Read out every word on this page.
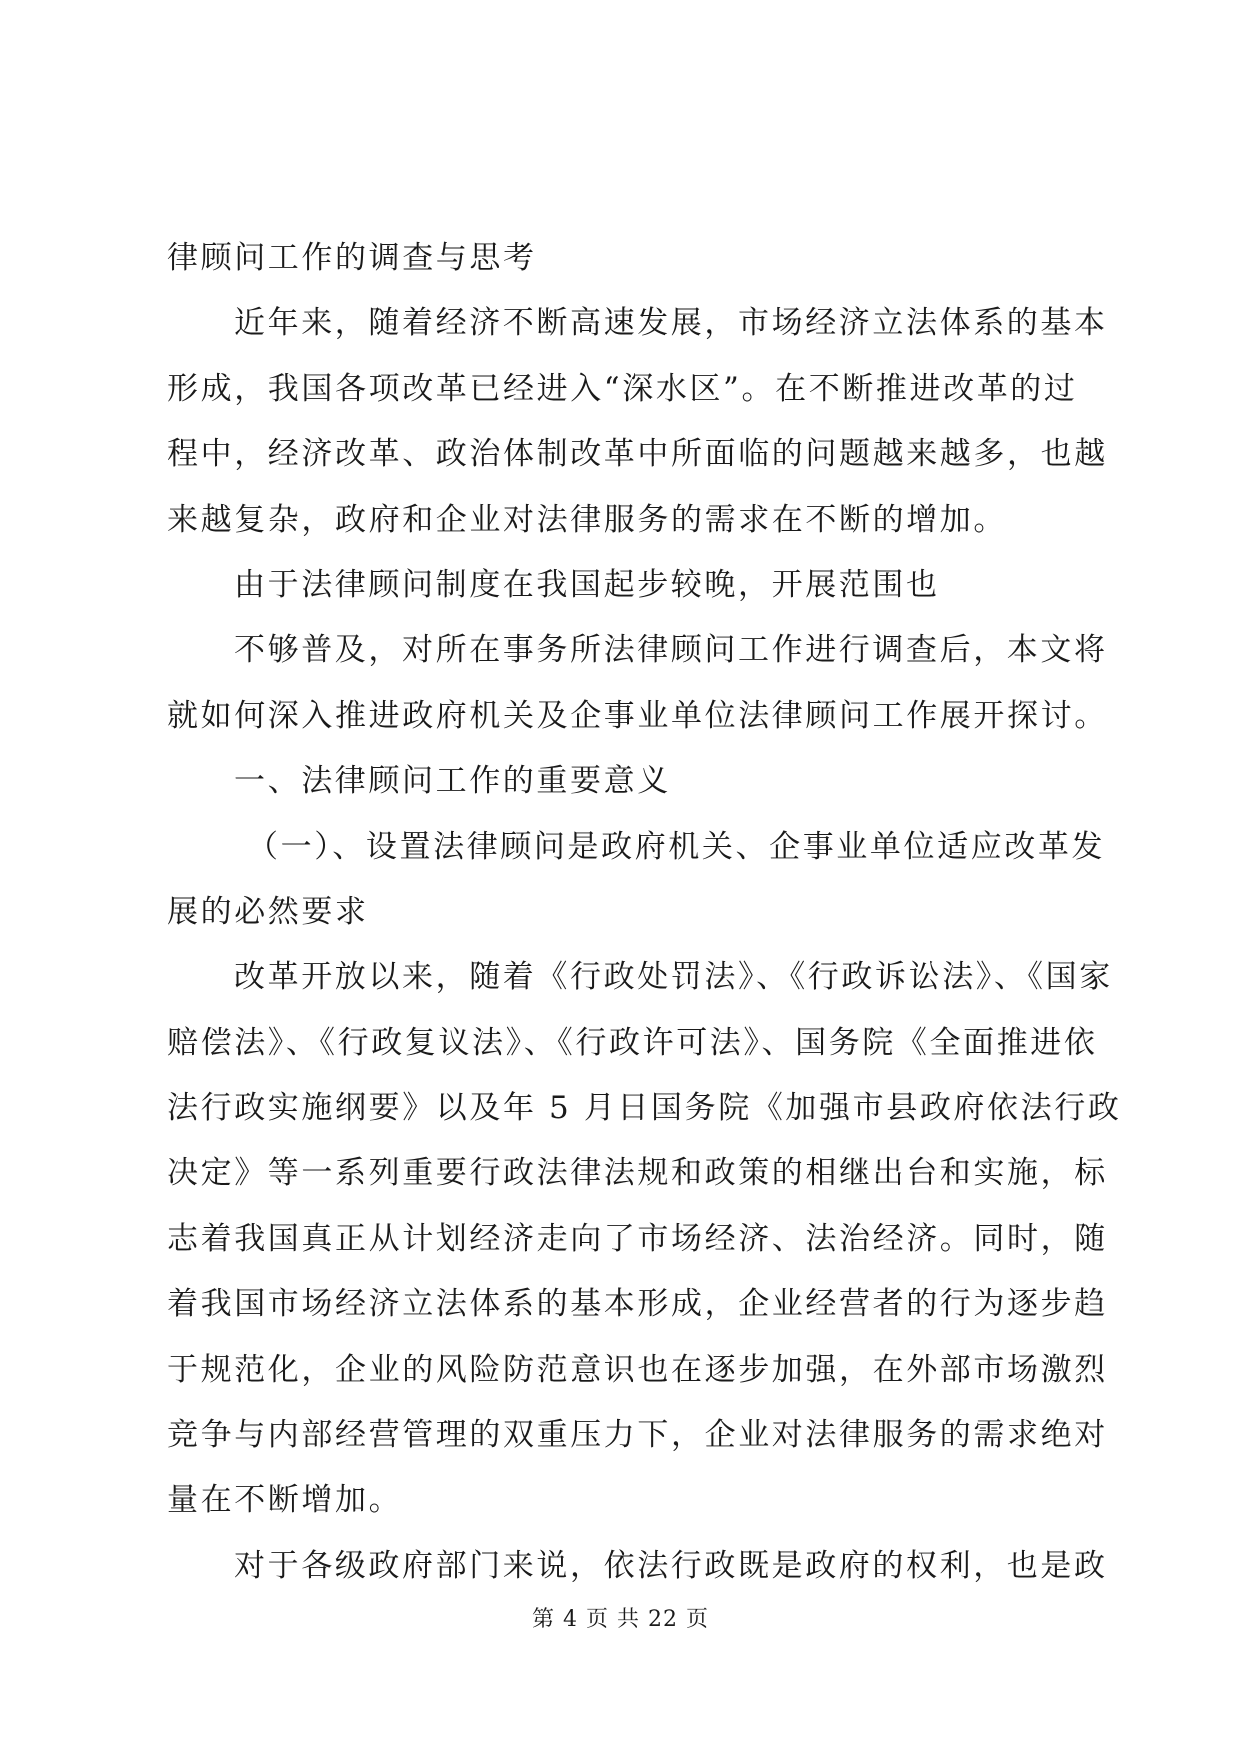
律顾问工作的调查与思考
近年来，随着经济不断高速发展，市场经济立法体系的基本
形成，我国各项改革已经进入“深水区”。在不断推进改革的过
程中，经济改革、政治体制改革中所面临的问题越来越多，也越
来越复杂，政府和企业对法律服务的需求在不断的增加。
由于法律顾问制度在我国起步较晚，开展范围也
不够普及，对所在事务所法律顾问工作进行调查后，本文将
就如何深入推进政府机关及企事业单位法律顾问工作展开探讨。
一、法律顾问工作的重要意义
（一）、设置法律顾问是政府机关、企事业单位适应改革发
展的必然要求
改革开放以来，随着《行政处罚法》、《行政诉讼法》、《国家
赔偿法》、《行政复议法》、《行政许可法》、国务院《全面推进依
法行政实施纲要》以及年 5 月日国务院《加强市县政府依法行政
决定》等一系列重要行政法律法规和政策的相继出台和实施，标
志着我国真正从计划经济走向了市场经济、法治经济。同时，随
着我国市场经济立法体系的基本形成，企业经营者的行为逐步趋
于规范化，企业的风险防范意识也在逐步加强，在外部市场激烈
竞争与内部经营管理的双重压力下，企业对法律服务的需求绝对
量在不断增加。
对于各级政府部门来说，依法行政既是政府的权利，也是政
第 4 页 共 22 页
